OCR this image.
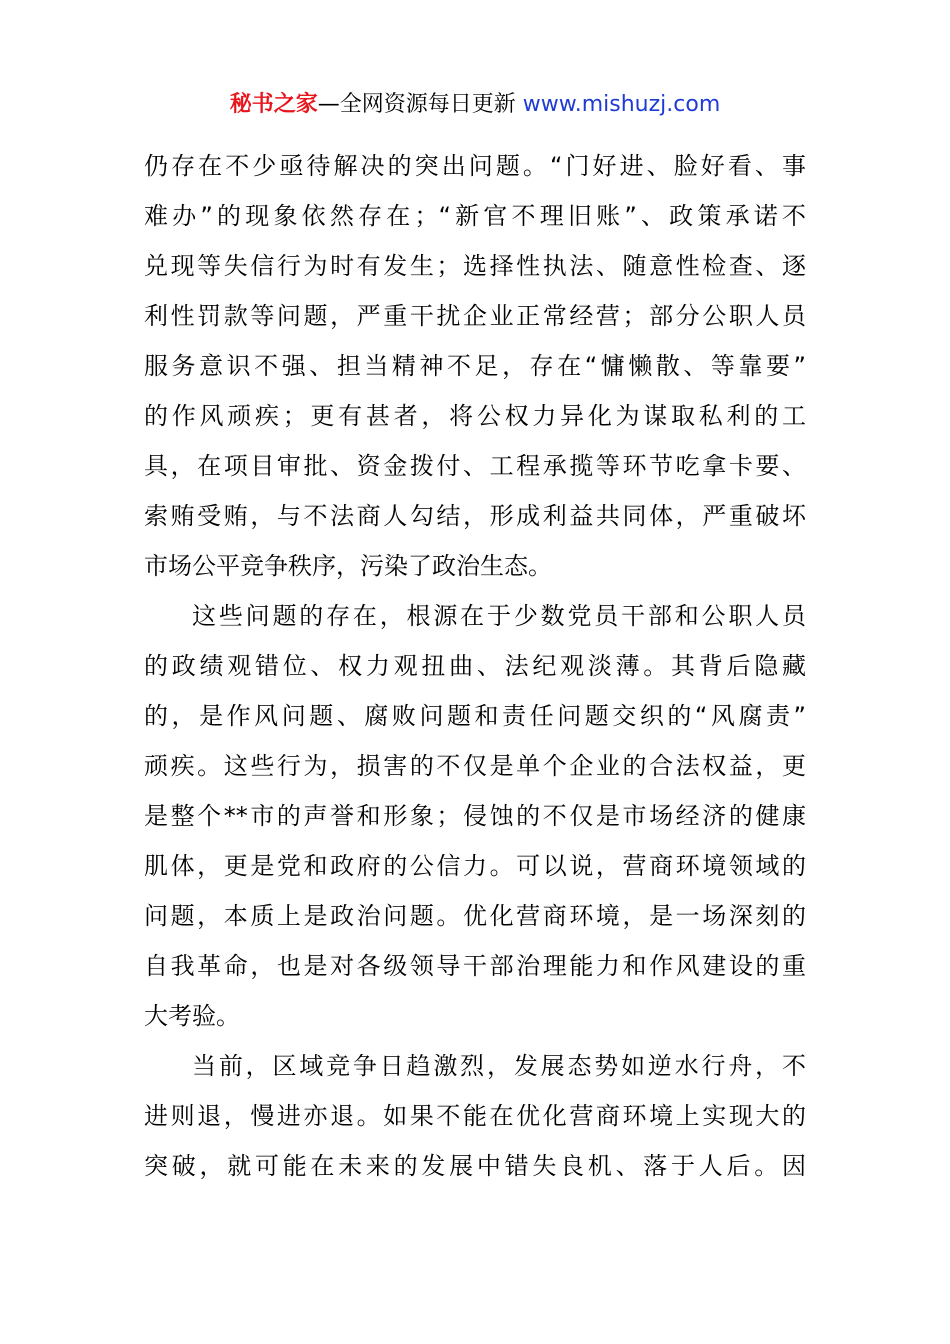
秘书之家—全网资源每日更新 www.mishuzj.com
仍存在不少亟待解决的突出问题。“门好进、脸好看、事
难办”的现象依然存在；“新官不理旧账”、政策承诺不
兑现等失信行为时有发生；选择性执法、随意性检查、逐
利性罚款等问题，严重干扰企业正常经营；部分公职人员
服务意识不强、担当精神不足，存在“慵懒散、等靠要”
的作风顽疾；更有甚者，将公权力异化为谋取私利的工
具，在项目审批、资金拨付、工程承揽等环节吃拿卡要、
索贿受贿，与不法商人勾结，形成利益共同体，严重破坏
市场公平竞争秩序，污染了政治生态。
这些问题的存在，根源在于少数党员干部和公职人员
的政绩观错位、权力观扭曲、法纪观淡薄。其背后隐藏
的，是作风问题、腐败问题和责任问题交织的“风腐责”
顽疾。这些行为，损害的不仅是单个企业的合法权益，更
是整个**市的声誉和形象；侵蚀的不仅是市场经济的健康
肌体，更是党和政府的公信力。可以说，营商环境领域的
问题，本质上是政治问题。优化营商环境，是一场深刻的
自我革命，也是对各级领导干部治理能力和作风建设的重
大考验。
当前，区域竞争日趋激烈，发展态势如逆水行舟，不
进则退，慢进亦退。如果不能在优化营商环境上实现大的
突破，就可能在未来的发展中错失良机、落于人后。因
